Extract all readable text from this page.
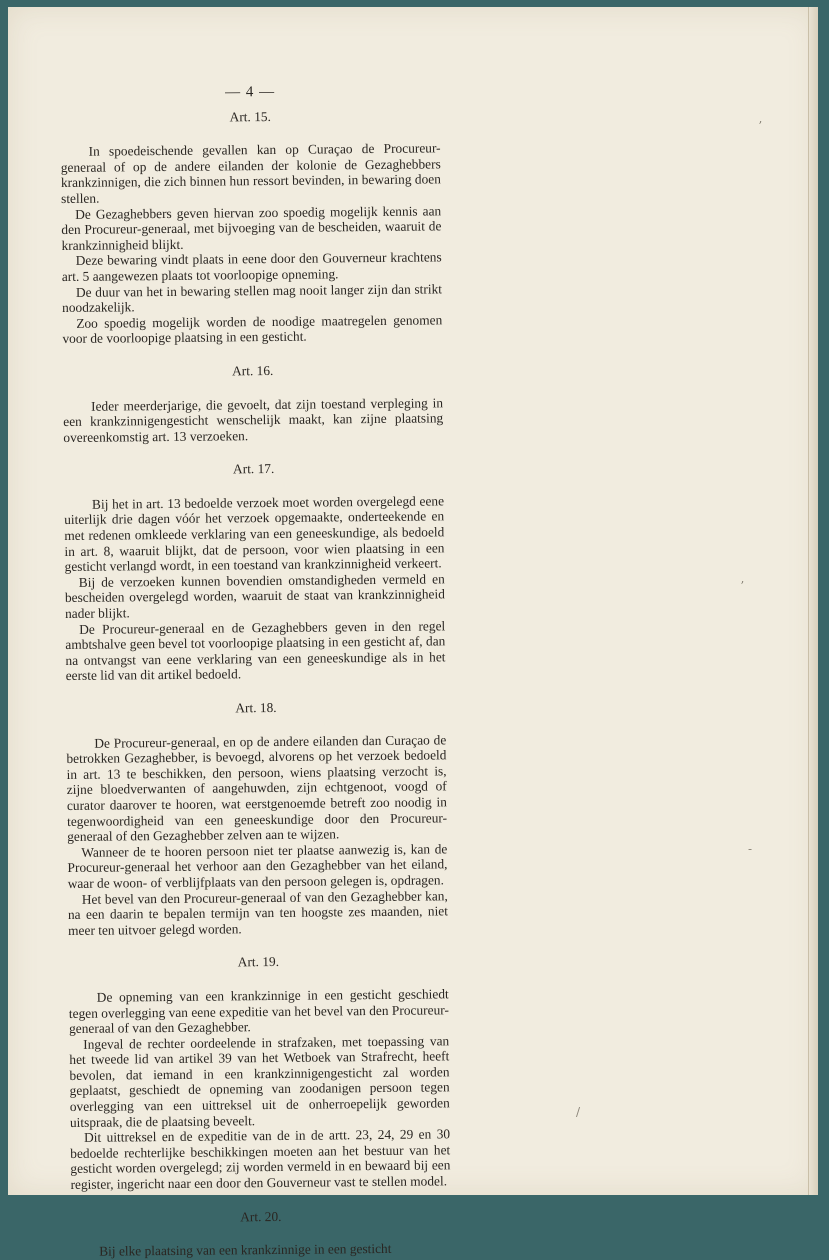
ʼ
ʼ
-
/
— 4 —
Art. 15.

In spoedeischende gevallen kan op Curaçao de Procureur-generaal of op de andere eilanden der kolonie de Gezaghebbers krankzinnigen, die zich binnen hun ressort bevinden, in bewaring doen stellen.

De Gezaghebbers geven hiervan zoo spoedig mogelijk kennis aan den Procureur-generaal, met bijvoeging van de bescheiden, waaruit de krankzinnigheid blijkt.

Deze bewaring vindt plaats in eene door den Gouverneur krachtens art. 5 aangewezen plaats tot voorloopige opneming.

De duur van het in bewaring stellen mag nooit langer zijn dan strikt noodzakelijk.

Zoo spoedig mogelijk worden de noodige maatregelen genomen voor de voorloopige plaatsing in een gesticht.

Art. 16.

Ieder meerderjarige, die gevoelt, dat zijn toestand verpleging in een krankzinnigengesticht wenschelijk maakt, kan zijne plaatsing overeenkomstig art. 13 verzoeken.

Art. 17.

Bij het in art. 13 bedoelde verzoek moet worden overgelegd eene uiterlijk drie dagen vóór het verzoek opgemaakte, onderteekende en met redenen omkleede verklaring van een geneeskundige, als bedoeld in art. 8, waaruit blijkt, dat de persoon, voor wien plaatsing in een gesticht verlangd wordt, in een toestand van krankzinnigheid verkeert.

Bij de verzoeken kunnen bovendien omstandigheden vermeld en bescheiden overgelegd worden, waaruit de staat van krankzinnigheid nader blijkt.

De Procureur-generaal en de Gezaghebbers geven in den regel ambtshalve geen bevel tot voorloopige plaatsing in een gesticht af, dan na ontvangst van eene verklaring van een geneeskundige als in het eerste lid van dit artikel bedoeld.

Art. 18.

De Procureur-generaal, en op de andere eilanden dan Curaçao de betrokken Gezaghebber, is bevoegd, alvorens op het verzoek bedoeld in art. 13 te beschikken, den persoon, wiens plaatsing verzocht is, zijne bloedverwanten of aangehuwden, zijn echtgenoot, voogd of curator daarover te hooren, wat eerstgenoemde betreft zoo noodig in tegenwoordigheid van een geneeskundige door den Procureur-generaal of den Gezaghebber zelven aan te wijzen.

Wanneer de te hooren persoon niet ter plaatse aanwezig is, kan de Procureur-generaal het verhoor aan den Gezaghebber van het eiland, waar de woon- of verblijfplaats van den persoon gelegen is, opdragen.

Het bevel van den Procureur-generaal of van den Gezaghebber kan, na een daarin te bepalen termijn van ten hoogste zes maanden, niet meer ten uitvoer gelegd worden.

Art. 19.

De opneming van een krankzinnige in een gesticht geschiedt tegen overlegging van eene expeditie van het bevel van den Procureur-generaal of van den Gezaghebber.

Ingeval de rechter oordeelende in strafzaken, met toepassing van het tweede lid van artikel 39 van het Wetboek van Strafrecht, heeft bevolen, dat iemand in een krankzinnigengesticht zal worden geplaatst, geschiedt de opneming van zoodanigen persoon tegen overlegging van een uittreksel uit de onherroepelijk geworden uitspraak, die de plaatsing beveelt.

Dit uittreksel en de expeditie van de in de artt. 23, 24, 29 en 30 bedoelde rechterlijke beschikkingen moeten aan het bestuur van het gesticht worden overgelegd; zij worden vermeld in en bewaard bij een register, ingericht naar een door den Gouverneur vast te stellen model.

Art. 20.

Bij elke plaatsing van een krankzinnige in een gesticht
